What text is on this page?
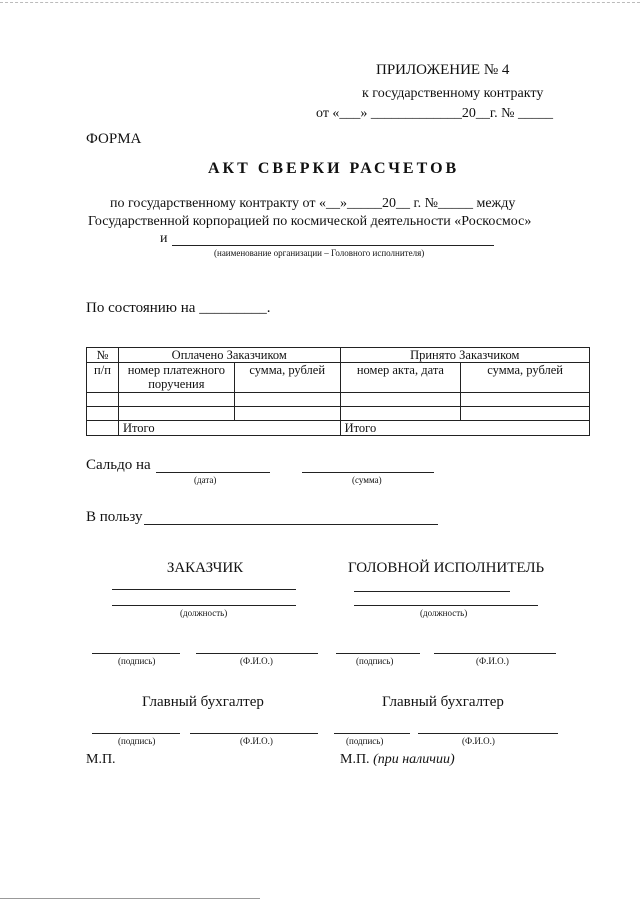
ПРИЛОЖЕНИЕ № 4
к государственному контракту
от «___» _____________20__г. № _____
ФОРМА
АКТ СВЕРКИ РАСЧЕТОВ
по государственному контракту от «__»_____20__ г. №_____ между
Государственной корпорацией по космической деятельности «Роскосмос»
и
(наименование организации – Головного исполнителя)
По состоянию на _________.
№	Оплачено Заказчиком		Принято Заказчиком	
п/п	номер платежного поручения	сумма, рублей	номер акта, дата	сумма, рублей

	Итого		Итого	
Сальдо на
(дата)	(сумма)
В пользу
ЗАКАЗЧИК
(должность)
(подпись)	(Ф.И.О.)
Главный бухгалтер
(подпись)	(Ф.И.О.)
М.П.
ГОЛОВНОЙ ИСПОЛНИТЕЛЬ
(должность)
(подпись)	(Ф.И.О.)
Главный бухгалтер
(подпись)	(Ф.И.О.)
М.П. (при наличии)
